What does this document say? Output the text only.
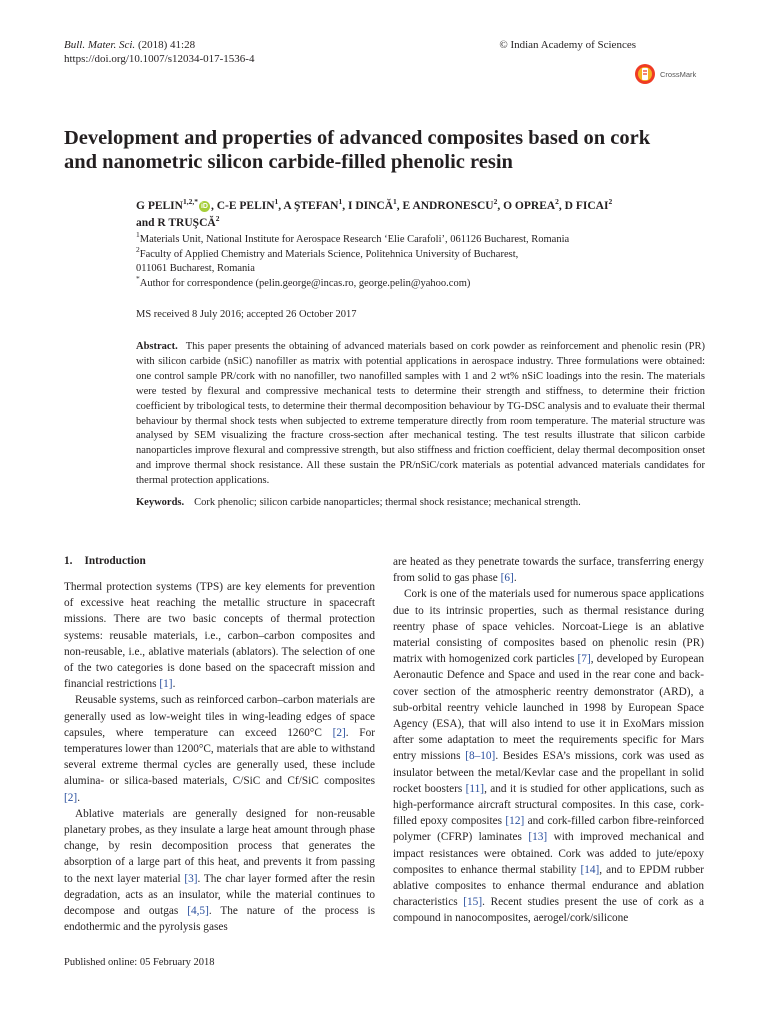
Bull. Mater. Sci. (2018) 41:28
https://doi.org/10.1007/s12034-017-1536-4
© Indian Academy of Sciences
CrossMark
Development and properties of advanced composites based on cork
and nanometric silicon carbide-filled phenolic resin
G $PELIN^{1,2,*}iD$ , C-E PELIN$^1$, A ŞTEFAN$^1$, I DINCĂ$^1$, E ANDRONESCU$^2$, O OPREA$^2$, D FICAI$^2$
and R TRUŞCĂ$^2$
$^1$Materials Unit, National Institute for Aerospace Research ‘Elie Carafoli’, 061126 Bucharest, Romania
$^2$Faculty of Applied Chemistry and Materials Science, Politehnica University of Bucharest,
011061 Bucharest, Romania
*Author for correspondence (pelin.george@incas.ro, george.pelin@yahoo.com)
MS received 8 July 2016; accepted 26 October 2017
Abstract. This paper presents the obtaining of advanced materials based on cork powder as reinforcement and phenolic resin (PR) with silicon carbide (nSiC) nanofiller as matrix with potential applications in aerospace industry. Three formulations were obtained: one control sample PR/cork with no nanofiller, two nanofilled samples with 1 and 2 wt% nSiC loadings into the resin. The materials were tested by flexural and compressive mechanical tests to determine their strength and stiffness, to determine their friction coefficient by tribological tests, to determine their thermal decomposition behaviour by TG-DSC analysis and to evaluate their thermal behaviour by thermal shock tests when subjected to extreme temperature directly from room temperature. The material structure was analysed by SEM visualizing the fracture cross-section after mechanical testing. The test results illustrate that silicon carbide nanoparticles improve flexural and compressive strength, but also stiffness and friction coefficient, delay thermal decomposition onset and improve thermal shock resistance. All these sustain the PR/nSiC/cork materials as potential advanced materials candidates for thermal protection applications.
Keywords. Cork phenolic; silicon carbide nanoparticles; thermal shock resistance; mechanical strength.
1. Introduction

Thermal protection systems (TPS) are key elements for prevention of excessive heat reaching the metallic structure in spacecraft missions. There are two basic concepts of thermal protection systems: reusable materials, i.e., carbon–carbon composites and non-reusable, i.e., ablative materials (ablators). The selection of one of the two categories is done based on the spacecraft mission and financial restrictions [1].

Reusable systems, such as reinforced carbon–carbon materials are generally used as low-weight tiles in wing-leading edges of space capsules, where temperature can exceed 1260°C [2]. For temperatures lower than 1200°C, materials that are able to withstand several extreme thermal cycles are generally used, these include alumina- or silica-based materials, C/SiC and Cf/SiC composites [2].

Ablative materials are generally designed for non-reusable planetary probes, as they insulate a large heat amount through phase change, by resin decomposition process that generates the absorption of a large part of this heat, and prevents it from passing to the next layer material [3]. The char layer formed after the resin degradation, acts as an insulator, while the material continues to decompose and outgas [4,5]. The nature of the process is endothermic and the pyrolysis gases

are heated as they penetrate towards the surface, transferring energy from solid to gas phase [6].

Cork is one of the materials used for numerous space applications due to its intrinsic properties, such as thermal resistance during reentry phase of space vehicles. Norcoat-Liege is an ablative material consisting of composites based on phenolic resin (PR) matrix with homogenized cork particles [7], developed by European Aeronautic Defence and Space and used in the rear cone and back-cover section of the atmospheric reentry demonstrator (ARD), a sub-orbital reentry vehicle launched in 1998 by European Space Agency (ESA), that will also intend to use it in ExoMars mission after some adaptation to meet the requirements specific for Mars entry missions [8–10]. Besides ESA’s missions, cork was used as insulator between the metal/Kevlar case and the propellant in solid rocket boosters [11], and it is studied for other applications, such as high-performance aircraft structural composites. In this case, cork-filled epoxy composites [12] and cork-filled carbon fibre-reinforced polymer (CFRP) laminates [13] with improved mechanical and impact resistances were obtained. Cork was added to jute/epoxy composites to enhance thermal stability [14], and to EPDM rubber ablative composites to enhance thermal endurance and ablation characteristics [15]. Recent studies present the use of cork as a compound in nanocomposites, aerogel/cork/silicone

Published online: 05 February 2018
